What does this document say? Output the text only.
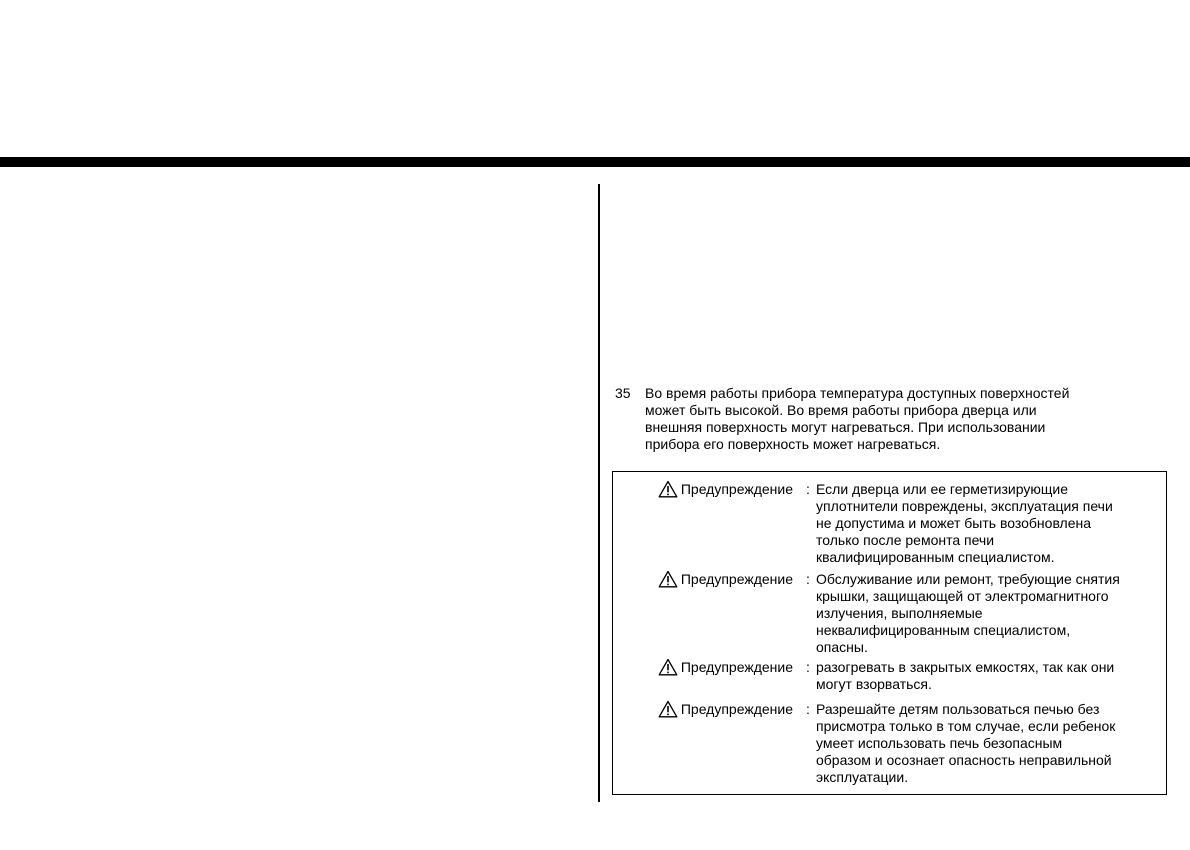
35 Во время работы прибора температура доступных поверхностей
может быть высокой. Во время работы прибора дверца или
внешняя поверхность могут нагреваться. При использовании
прибора его поверхность может нагреваться.

Предупреждение : Если дверца или ее герметизирующие
уплотнители повреждены, эксплуатация печи
не допустима и может быть возобновлена
только после ремонта печи
квалифицированным специалистом.

Предупреждение : Обслуживание или ремонт, требующие снятия
крышки, защищающей от электромагнитного
излучения, выполняемые
неквалифицированным специалистом,
опасны.

Предупреждение : разогревать в закрытых емкостях, так как они
могут взорваться.

Предупреждение : Разрешайте детям пользоваться печью без
присмотра только в том случае, если ребенок
умеет использовать печь безопасным
образом и осознает опасность неправильной
эксплуатации.
